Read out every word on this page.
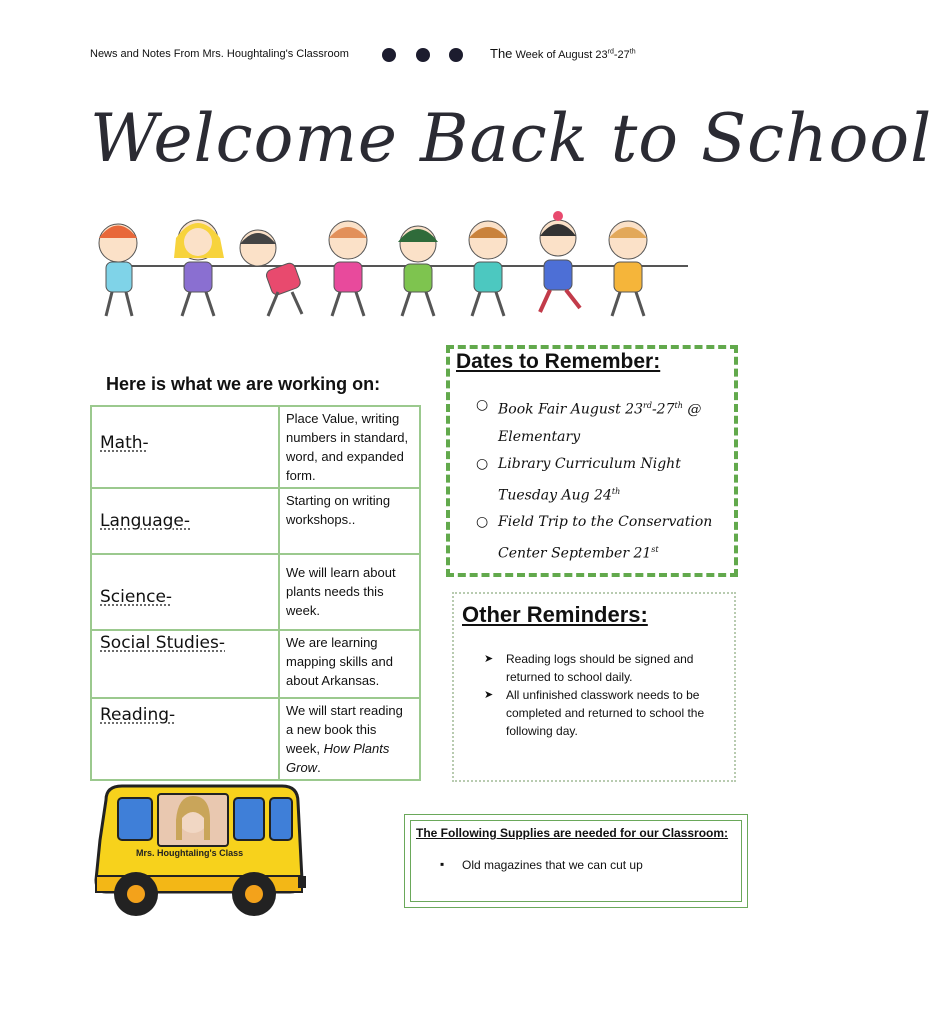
News and Notes From Mrs. Houghtaling's Classroom	The Week of August 23rd-27th
Welcome Back to School
Here is what we are working on:
Math-	Place Value, writing numbers in standard, word, and expanded form.
Language-	Starting on writing workshops..
Science-	We will learn about plants needs this week.
Social Studies-	We are learning mapping skills and about Arkansas.
Reading-	We will start reading a new book this week, How Plants Grow.
Dates to Remember:
○ Book Fair August 23rd-27th @ Elementary
○ Library Curriculum Night Tuesday Aug 24th
○ Field Trip to the Conservation Center September 21st
Other Reminders:
➤ Reading logs should be signed and returned to school daily.
➤ All unfinished classwork needs to be completed and returned to school the following day.
The Following Supplies are needed for our Classroom:
▪ Old magazines that we can cut up
Mrs. Houghtaling's Class
